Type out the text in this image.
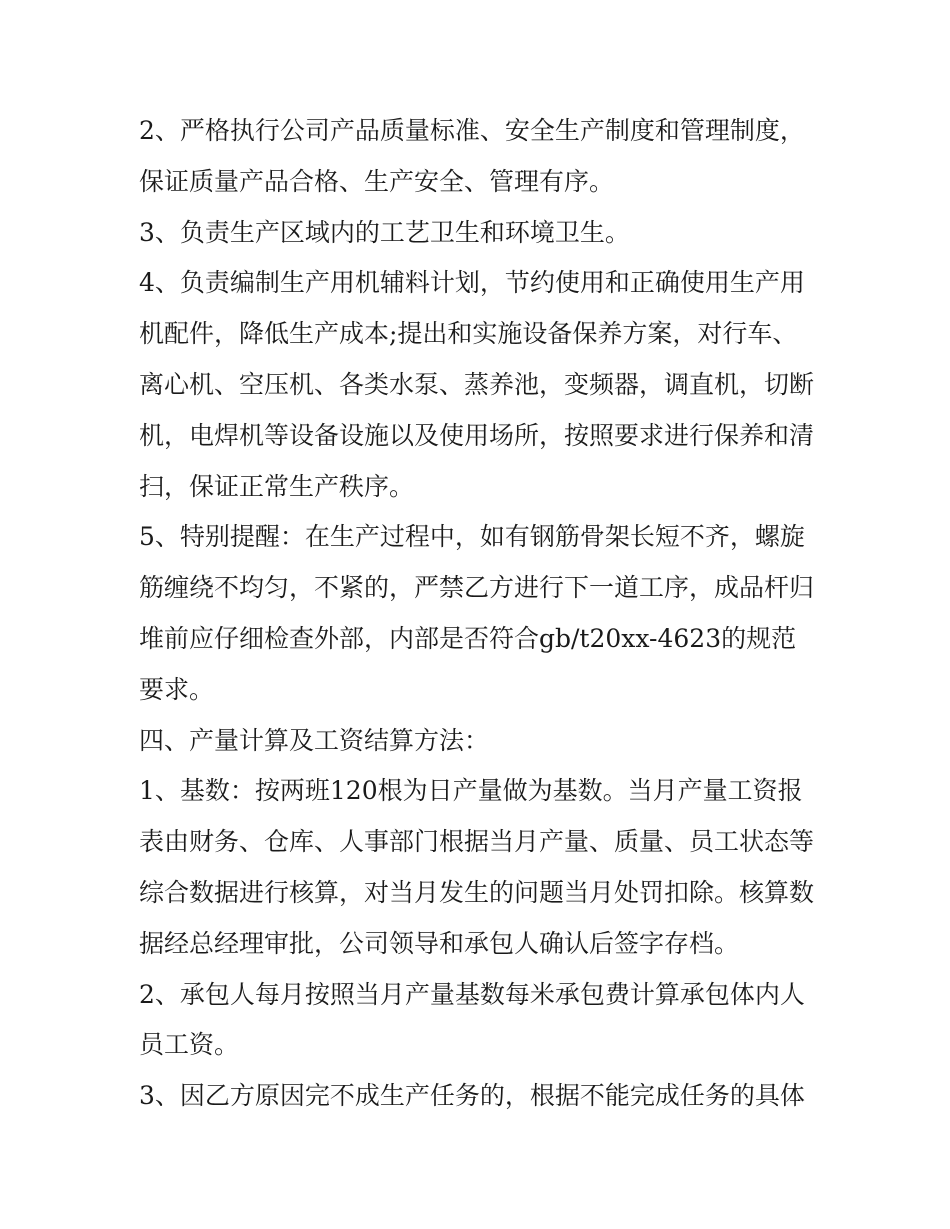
2、严格执行公司产品质量标准、安全生产制度和管理制度，保证质量产品合格、生产安全、管理有序。

3、负责生产区域内的工艺卫生和环境卫生。

4、负责编制生产用机辅料计划，节约使用和正确使用生产用机配件，降低生产成本;提出和实施设备保养方案，对行车、离心机、空压机、各类水泵、蒸养池，变频器，调直机，切断机，电焊机等设备设施以及使用场所，按照要求进行保养和清扫，保证正常生产秩序。

5、特别提醒：在生产过程中，如有钢筋骨架长短不齐，螺旋筋缠绕不均匀，不紧的，严禁乙方进行下一道工序，成品杆归堆前应仔细检查外部，内部是否符合gb/t20xx-4623的规范要求。

四、产量计算及工资结算方法：

1、基数：按两班120根为日产量做为基数。当月产量工资报表由财务、仓库、人事部门根据当月产量、质量、员工状态等综合数据进行核算，对当月发生的问题当月处罚扣除。核算数据经总经理审批，公司领导和承包人确认后签字存档。

2、承包人每月按照当月产量基数每米承包费计算承包体内人员工资。

3、因乙方原因完不成生产任务的，根据不能完成任务的具体
